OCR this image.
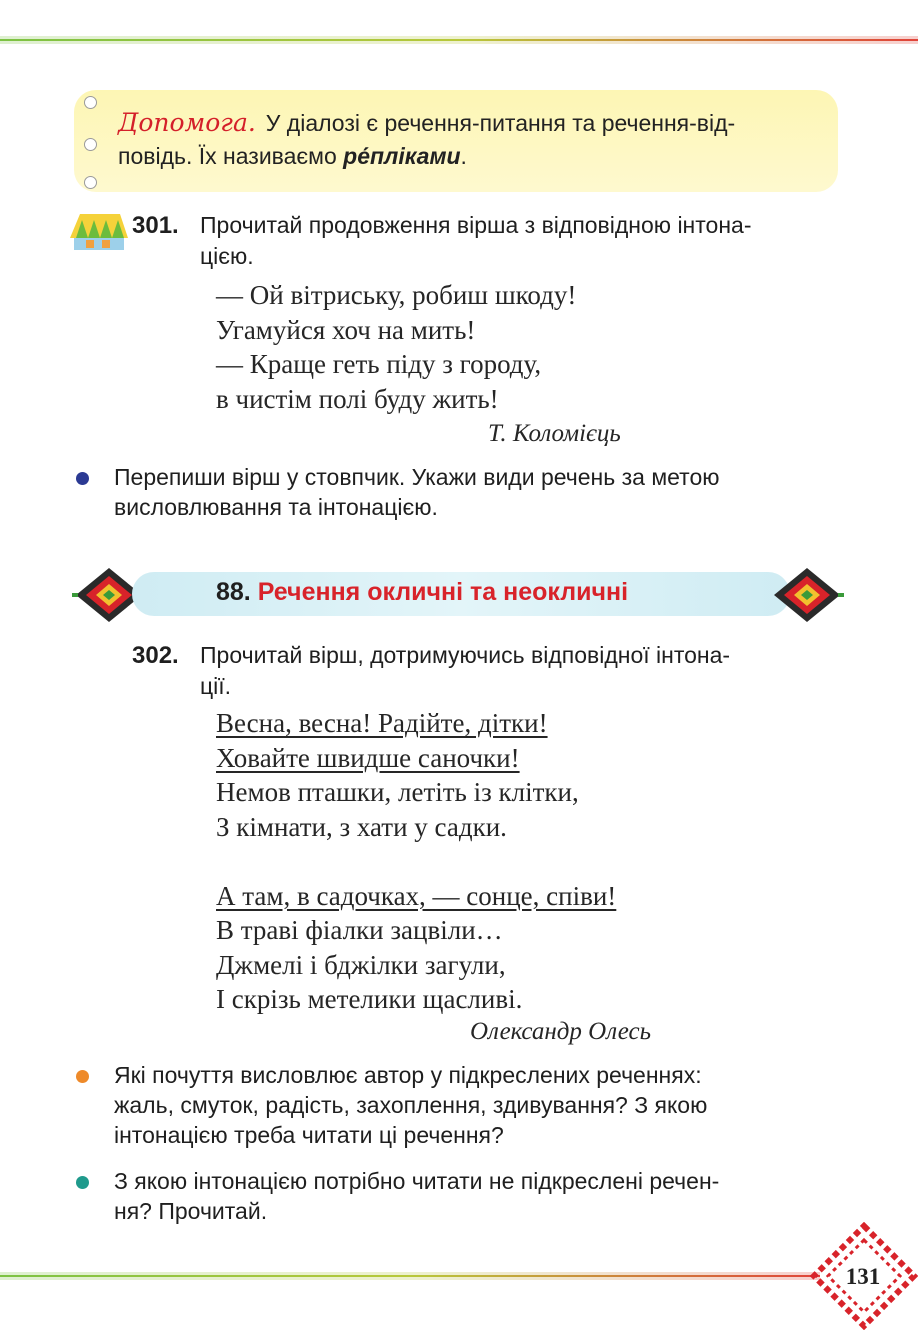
Допомога. У діалозі є речення-питання та речення-від-
повідь. Їх називаємо ре́пліками.
301. Прочитай продовження вірша з відповідною інтона-
цією.
— Ой вітриську, робиш шкоду!
Угамуйся хоч на мить!
— Краще геть піду з городу,
в чистім полі буду жить!
Т. Коломієць
Перепиши вірш у стовпчик. Укажи види речень за метою
висловлювання та інтонацією.
88. Речення окличні та неокличні
302. Прочитай вірш, дотримуючись відповідної інтона-
ції.
Весна, весна! Радійте, дітки!
Ховайте швидше саночки!
Немов пташки, летіть із клітки,
З кімнати, з хати у садки.
А там, в садочках, — сонце, співи!
В траві фіалки зацвіли…
Джмелі і бджілки загули,
І скрізь метелики щасливі.
Олександр Олесь
Які почуття висловлює автор у підкреслених реченнях:
жаль, смуток, радість, захоплення, здивування? З якою
інтонацією треба читати ці речення?
З якою інтонацією потрібно читати не підкреслені речен-
ня? Прочитай.
131
